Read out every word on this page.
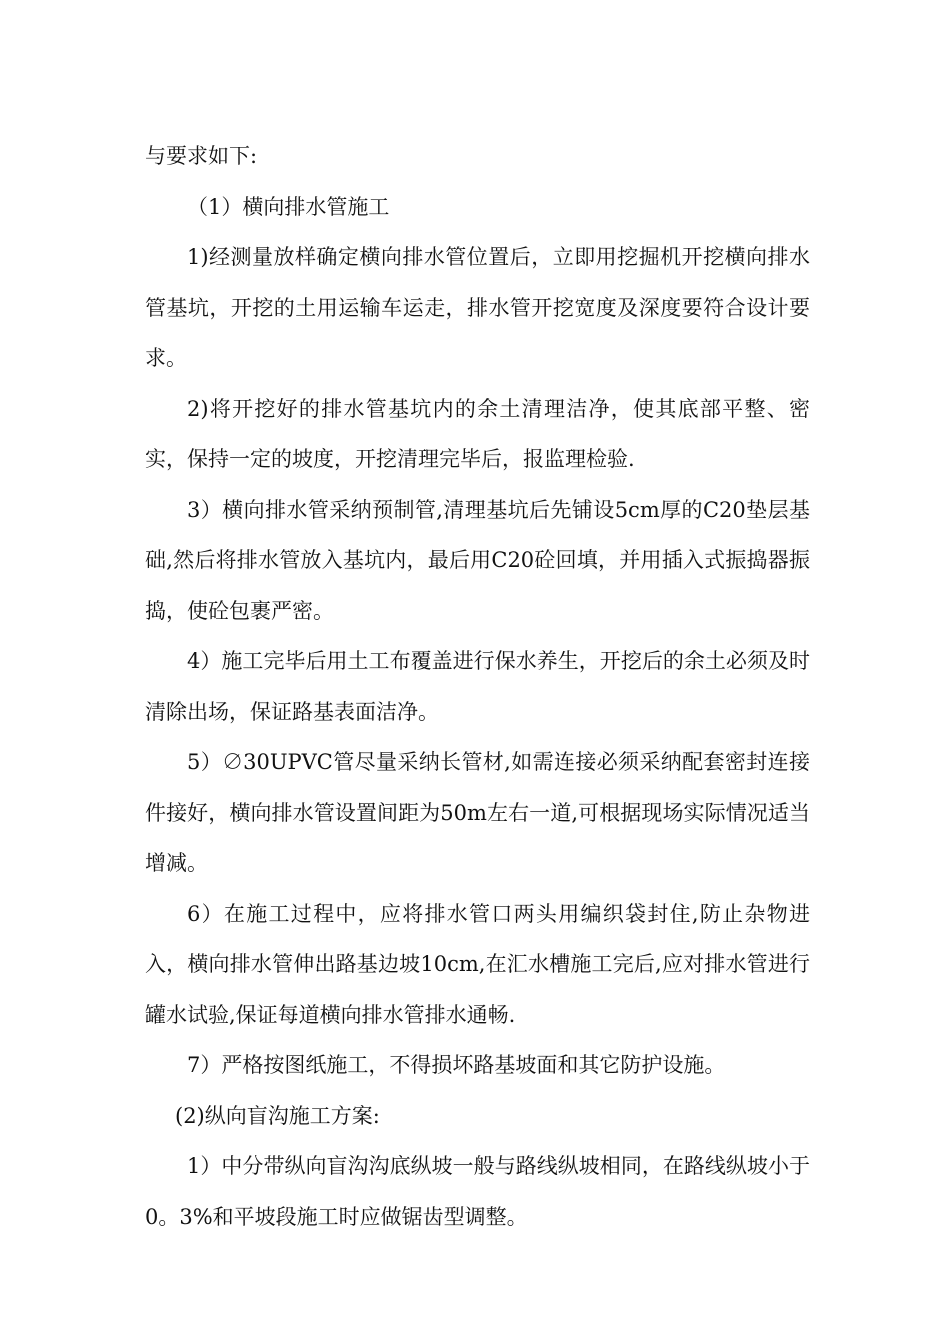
与要求如下:

（1）横向排水管施工

1)经测量放样确定横向排水管位置后，立即用挖掘机开挖横向排水管基坑，开挖的土用运输车运走，排水管开挖宽度及深度要符合设计要求。

2)将开挖好的排水管基坑内的余土清理洁净，使其底部平整、密实，保持一定的坡度，开挖清理完毕后，报监理检验.

3）横向排水管采纳预制管,清理基坑后先铺设5cm厚的C20垫层基础,然后将排水管放入基坑内，最后用C20砼回填，并用插入式振捣器振捣，使砼包裹严密。

4）施工完毕后用土工布覆盖进行保水养生，开挖后的余土必须及时清除出场，保证路基表面洁净。

5）∅30UPVC管尽量采纳长管材,如需连接必须采纳配套密封连接件接好，横向排水管设置间距为50m左右一道,可根据现场实际情况适当增减。

6）在施工过程中，应将排水管口两头用编织袋封住,防止杂物进入，横向排水管伸出路基边坡10cm,在汇水槽施工完后,应对排水管进行罐水试验,保证每道横向排水管排水通畅.

7）严格按图纸施工，不得损坏路基坡面和其它防护设施。

(2)纵向盲沟施工方案:

1）中分带纵向盲沟沟底纵坡一般与路线纵坡相同，在路线纵坡小于0。3%和平坡段施工时应做锯齿型调整。
